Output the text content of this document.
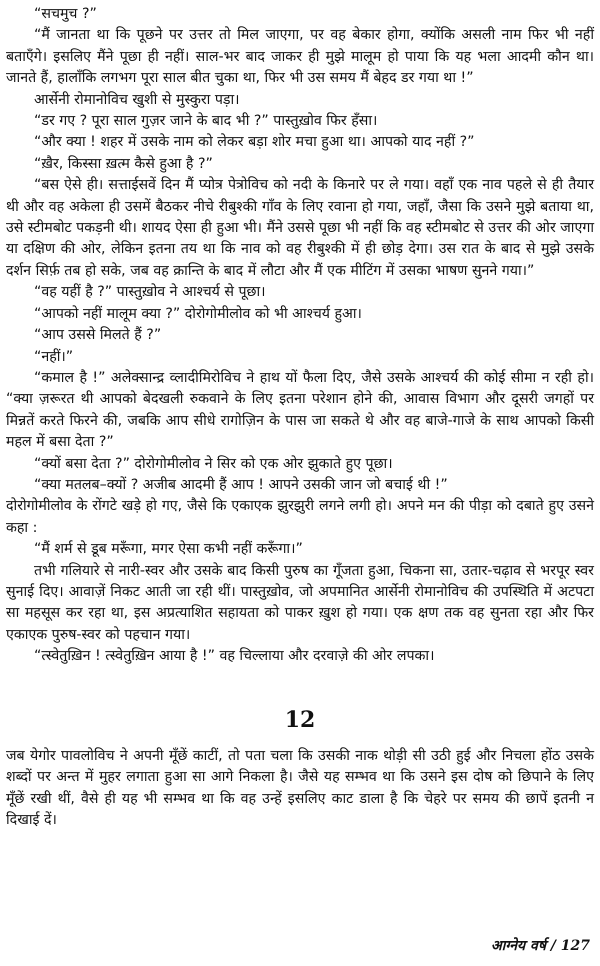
“सचमुच ?”

“मैं जानता था कि पूछने पर उत्तर तो मिल जाएगा, पर वह बेकार होगा, क्योंकि असली नाम फिर भी नहीं बताएँगे। इसलिए मैंने पूछा ही नहीं। साल-भर बाद जाकर ही मुझे मालूम हो पाया कि यह भला आदमी कौन था। जानते हैं, हालाँकि लगभग पूरा साल बीत चुका था, फिर भी उस समय मैं बेहद डर गया था !”

आर्सेनी रोमानोविच खुशी से मुस्कुरा पड़ा।

“डर गए ? पूरा साल गुज़र जाने के बाद भी ?” पास्तुख़ोव फिर हँसा।

“और क्या ! शहर में उसके नाम को लेकर बड़ा शोर मचा हुआ था। आपको याद नहीं ?”

“ख़ैर, किस्सा ख़त्म कैसे हुआ है ?”

“बस ऐसे ही। सत्ताईसवें दिन मैं प्योत्र पेत्रोविच को नदी के किनारे पर ले गया। वहाँ एक नाव पहले से ही तैयार थी और वह अकेला ही उसमें बैठकर नीचे रीबुश्की गाँव के लिए रवाना हो गया, जहाँ, जैसा कि उसने मुझे बताया था, उसे स्टीमबोट पकड़नी थी। शायद ऐसा ही हुआ भी। मैंने उससे पूछा भी नहीं कि वह स्टीमबोट से उत्तर की ओर जाएगा या दक्षिण की ओर, लेकिन इतना तय था कि नाव को वह रीबुश्की में ही छोड़ देगा। उस रात के बाद से मुझे उसके दर्शन सिर्फ़ तब हो सके, जब वह क्रान्ति के बाद में लौटा और मैं एक मीटिंग में उसका भाषण सुनने गया।”

“वह यहीं है ?” पास्तुख़ोव ने आश्चर्य से पूछा।

“आपको नहीं मालूम क्या ?” दोरोगोमीलोव को भी आश्चर्य हुआ।

“आप उससे मिलते हैं ?”

“नहीं।”

“कमाल है !” अलेक्सान्द्र व्लादीमिरोविच ने हाथ यों फैला दिए, जैसे उसके आश्चर्य की कोई सीमा न रही हो। “क्या ज़रूरत थी आपको बेदखली रुकवाने के लिए इतना परेशान होने की, आवास विभाग और दूसरी जगहों पर मिन्नतें करते फिरने की, जबकि आप सीधे रागोज़िन के पास जा सकते थे और वह बाजे-गाजे के साथ आपको किसी महल में बसा देता ?”

“क्यों बसा देता ?” दोरोगोमीलोव ने सिर को एक ओर झुकाते हुए पूछा।

“क्या मतलब–क्यों ? अजीब आदमी हैं आप ! आपने उसकी जान जो बचाई थी !”

दोरोगोमीलोव के रोंगटे खड़े हो गए, जैसे कि एकाएक झुरझुरी लगने लगी हो। अपने मन की पीड़ा को दबाते हुए उसने कहा :

“मैं शर्म से डूब मरूँगा, मगर ऐसा कभी नहीं करूँगा।”

तभी गलियारे से नारी-स्वर और उसके बाद किसी पुरुष का गूँजता हुआ, चिकना सा, उतार-चढ़ाव से भरपूर स्वर सुनाई दिए। आवाज़ें निकट आती जा रही थीं। पास्तुख़ोव, जो अपमानित आर्सेनी रोमानोविच की उपस्थिति में अटपटा सा महसूस कर रहा था, इस अप्रत्याशित सहायता को पाकर ख़ुश हो गया। एक क्षण तक वह सुनता रहा और फिर एकाएक पुरुष-स्वर को पहचान गया।

“त्स्वेतुख़िन ! त्स्वेतुख़िन आया है !” वह चिल्लाया और दरवाज़े की ओर लपका।

12

जब येगोर पावलोविच ने अपनी मूँछें काटीं, तो पता चला कि उसकी नाक थोड़ी सी उठी हुई और निचला होंठ उसके शब्दों पर अन्त में मुहर लगाता हुआ सा आगे निकला है। जैसे यह सम्भव था कि उसने इस दोष को छिपाने के लिए मूँछें रखी थीं, वैसे ही यह भी सम्भव था कि वह उन्हें इसलिए काट डाला है कि चेहरे पर समय की छापें इतनी न दिखाई दें।

आग्नेय वर्ष / 127
